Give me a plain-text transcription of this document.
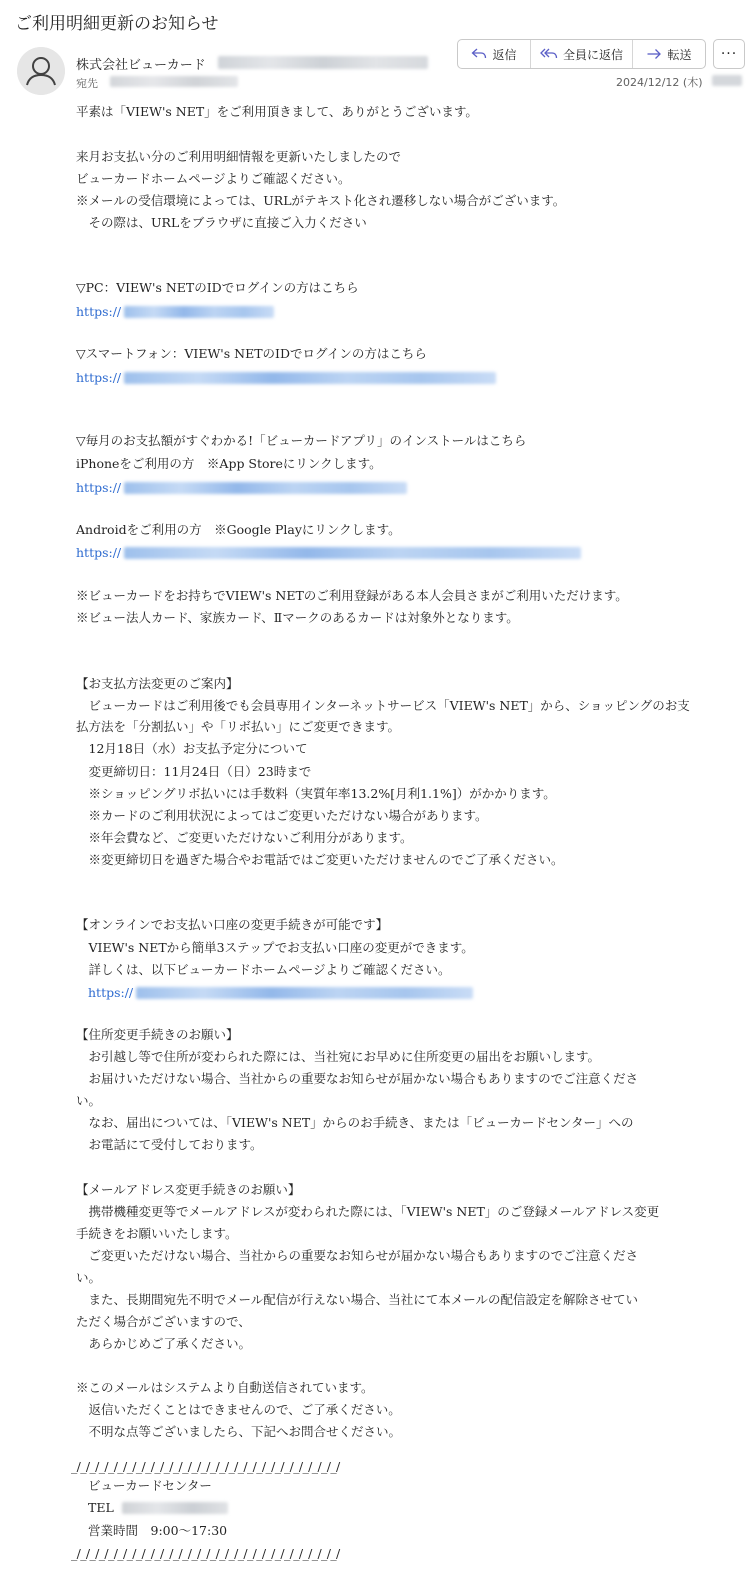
ご利用明細更新のお知らせ
株式会社ビューカード
宛先
返信	全員に返信	転送	···
2024/12/12 (木)
平素は「VIEW's NET」をご利用頂きまして、ありがとうございます。
来月お支払い分のご利用明細情報を更新いたしましたので
ビューカードホームページよりご確認ください。
※メールの受信環境によっては、URLがテキスト化され遷移しない場合がございます。
　その際は、URLをブラウザに直接ご入力ください
▽PC：VIEW's NETのIDでログインの方はこちら
https://
▽スマートフォン：VIEW's NETのIDでログインの方はこちら
https://
▽毎月のお支払額がすぐわかる!「ビューカードアプリ」のインストールはこちら
iPhoneをご利用の方　※App Storeにリンクします。
https://
Androidをご利用の方　※Google Playにリンクします。
https://
※ビューカードをお持ちでVIEW's NETのご利用登録がある本人会員さまがご利用いただけます。
※ビュー法人カード、家族カード、Ⅱマークのあるカードは対象外となります。
【お支払方法変更のご案内】
　ビューカードはご利用後でも会員専用インターネットサービス「VIEW's NET」から、ショッピングのお支
払方法を「分割払い」や「リボ払い」にご変更できます。
　12月18日（水）お支払予定分について
　変更締切日：11月24日（日）23時まで
　※ショッピングリボ払いには手数料（実質年率13.2%[月利1.1%]）がかかります。
　※カードのご利用状況によってはご変更いただけない場合があります。
　※年会費など、ご変更いただけないご利用分があります。
　※変更締切日を過ぎた場合やお電話ではご変更いただけませんのでご了承ください。
【オンラインでお支払い口座の変更手続きが可能です】
　VIEW's NETから簡単3ステップでお支払い口座の変更ができます。
　詳しくは、以下ビューカードホームページよりご確認ください。
https://
【住所変更手続きのお願い】
　お引越し等で住所が変わられた際には、当社宛にお早めに住所変更の届出をお願いします。
　お届けいただけない場合、当社からの重要なお知らせが届かない場合もありますのでご注意くださ
い。
　なお、届出については、「VIEW's NET」からのお手続き、または「ビューカードセンター」への
　お電話にて受付しております。
【メールアドレス変更手続きのお願い】
　携帯機種変更等でメールアドレスが変わられた際には、「VIEW's NET」のご登録メールアドレス変更
手続きをお願いいたします。
　ご変更いただけない場合、当社からの重要なお知らせが届かない場合もありますのでご注意くださ
い。
　また、長期間宛先不明でメール配信が行えない場合、当社にて本メールの配信設定を解除させてい
ただく場合がございますので、
　あらかじめご了承ください。
※このメールはシステムより自動送信されています。
　返信いただくことはできませんので、ご了承ください。
　不明な点等ございましたら、下記へお問合せください。
_/_/_/_/_/_/_/_/_/_/_/_/_/_/_/_/_/_/_/_/_/_/_/_/_/_/_/_/_/
ビューカードセンター
TEL
営業時間　9:00～17:30
_/_/_/_/_/_/_/_/_/_/_/_/_/_/_/_/_/_/_/_/_/_/_/_/_/_/_/_/_/
